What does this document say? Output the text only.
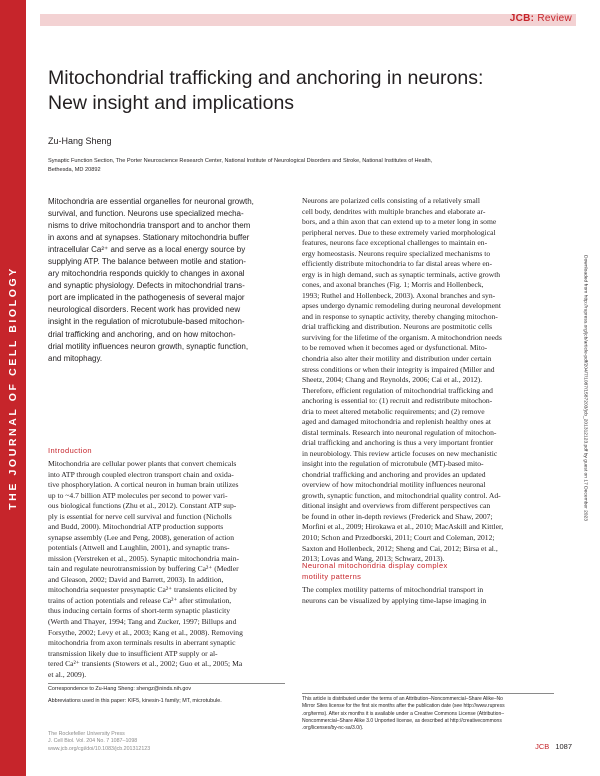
THE JOURNAL OF CELL BIOLOGY
JCB: Review
Mitochondrial trafficking and anchoring in neurons:
New insight and implications
Zu-Hang Sheng
Synaptic Function Section, The Porter Neuroscience Research Center, National Institute of Neurological Disorders and Stroke, National Institutes of Health,
Bethesda, MD 20892
Mitochondria are essential organelles for neuronal growth,
survival, and function. Neurons use specialized mecha-
nisms to drive mitochondria transport and to anchor them
in axons and at synapses. Stationary mitochondria buffer
intracellular Ca²⁺ and serve as a local energy source by
supplying ATP. The balance between motile and station-
ary mitochondria responds quickly to changes in axonal
and synaptic physiology. Defects in mitochondrial trans-
port are implicated in the pathogenesis of several major
neurological disorders. Recent work has provided new
insight in the regulation of microtubule-based mitochon-
drial trafficking and anchoring, and on how mitochon-
drial motility influences neuron growth, synaptic function,
and mitophagy.
Introduction
Mitochondria are cellular power plants that convert chemicals
into ATP through coupled electron transport chain and oxida-
tive phosphorylation. A cortical neuron in human brain utilizes
up to ~4.7 billion ATP molecules per second to power vari-
ous biological functions (Zhu et al., 2012). Constant ATP sup-
ply is essential for nerve cell survival and function (Nicholls
and Budd, 2000). Mitochondrial ATP production supports
synapse assembly (Lee and Peng, 2008), generation of action
potentials (Attwell and Laughlin, 2001), and synaptic trans-
mission (Verstreken et al., 2005). Synaptic mitochondria main-
tain and regulate neurotransmission by buffering Ca²⁺ (Medler
and Gleason, 2002; David and Barrett, 2003). In addition,
mitochondria sequester presynaptic Ca²⁺ transients elicited by
trains of action potentials and release Ca²⁺ after stimulation,
thus inducing certain forms of short-term synaptic plasticity
(Werth and Thayer, 1994; Tang and Zucker, 1997; Billups and
Forsythe, 2002; Levy et al., 2003; Kang et al., 2008). Removing
mitochondria from axon terminals results in aberrant synaptic
transmission likely due to insufficient ATP supply or al-
tered Ca²⁺ transients (Stowers et al., 2002; Guo et al., 2005; Ma
et al., 2009).
Neurons are polarized cells consisting of a relatively small
cell body, dendrites with multiple branches and elaborate ar-
bors, and a thin axon that can extend up to a meter long in some
peripheral nerves. Due to these extremely varied morphological
features, neurons face exceptional challenges to maintain en-
ergy homeostasis. Neurons require specialized mechanisms to
efficiently distribute mitochondria to far distal areas where en-
ergy is in high demand, such as synaptic terminals, active growth
cones, and axonal branches (Fig. 1; Morris and Hollenbeck,
1993; Ruthel and Hollenbeck, 2003). Axonal branches and syn-
apses undergo dynamic remodeling during neuronal development
and in response to synaptic activity, thereby changing mitochon-
drial trafficking and distribution. Neurons are postmitotic cells
surviving for the lifetime of the organism. A mitochondrion needs
to be removed when it becomes aged or dysfunctional. Mito-
chondria also alter their motility and distribution under certain
stress conditions or when their integrity is impaired (Miller and
Sheetz, 2004; Chang and Reynolds, 2006; Cai et al., 2012).
Therefore, efficient regulation of mitochondrial trafficking and
anchoring is essential to: (1) recruit and redistribute mitochon-
dria to meet altered metabolic requirements; and (2) remove
aged and damaged mitochondria and replenish healthy ones at
distal terminals. Research into neuronal regulation of mitochon-
drial trafficking and anchoring is thus a very important frontier
in neurobiology. This review article focuses on new mechanistic
insight into the regulation of microtubule (MT)-based mito-
chondrial trafficking and anchoring and provides an updated
overview of how mitochondrial motility influences neuronal
growth, synaptic function, and mitochondrial quality control. Ad-
ditional insight and overviews from different perspectives can
be found in other in-depth reviews (Frederick and Shaw, 2007;
Morfini et al., 2009; Hirokawa et al., 2010; MacAskill and Kittler,
2010; Schon and Przedborski, 2011; Court and Coleman, 2012;
Saxton and Hollenbeck, 2012; Sheng and Cai, 2012; Birsa et al.,
2013; Lovas and Wang, 2013; Schwarz, 2013).
Neuronal mitochondria display complex
motility patterns
The complex motility patterns of mitochondrial transport in
neurons can be visualized by applying time-lapse imaging in
Correspondence to Zu-Hang Sheng: shengz@ninds.nih.gov
Abbreviations used in this paper: KIF5, kinesin-1 family; MT, microtubule.	This article is distributed under the terms of an Attribution–Noncommercial–Share Alike–No
Mirror Sites license for the first six months after the publication date (see http://www.rupress
.org/terms). After six months it is available under a Creative Commons License (Attribution–
Noncommercial–Share Alike 3.0 Unported license, as described at http://creativecommons
.org/licenses/by-nc-sa/3.0/).
The Rockefeller University Press
J. Cell Biol. Vol. 204 No. 7 1087–1098
www.jcb.org/cgi/doi/10.1083/jcb.201312123	JCB 1087
Downloaded from http://rupress.org/jcb/article-pdf/204/7/1087/1587203/jcb_201312123.pdf by guest on 17 December 2023
